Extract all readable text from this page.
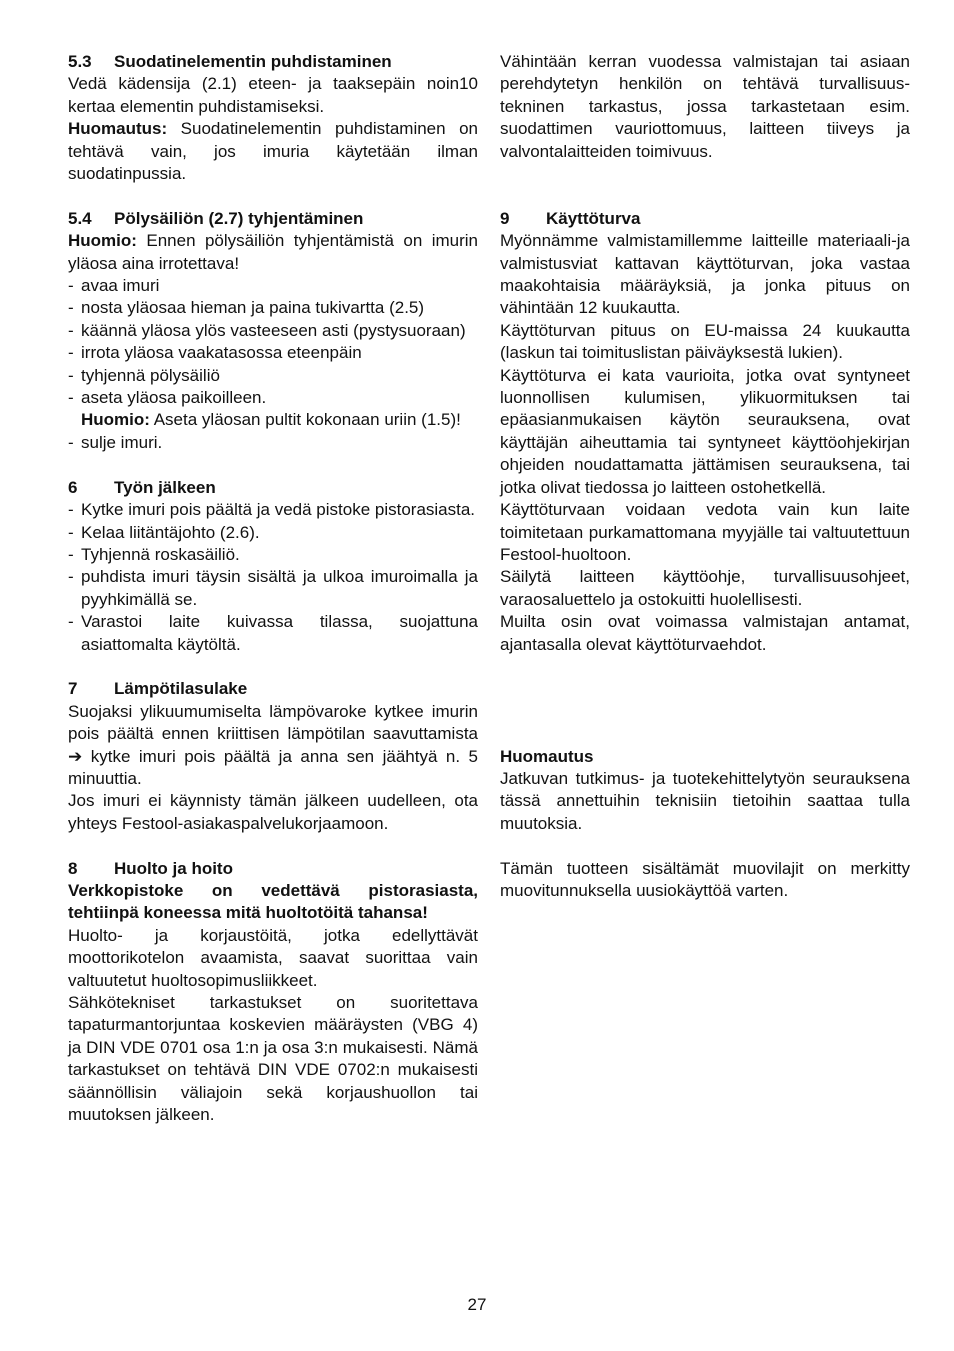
5.3	Suodatinelementin puhdistaminen

Vedä kädensija (2.1) eteen- ja taaksepäin noin10 kertaa elementin puhdistamiseksi.

Huomautus: Suodatinelementin puhdistaminen on tehtävä vain, jos imuria käytetään ilman suodatinpussia.

5.4	Pölysäiliön (2.7) tyhjentäminen

Huomio: Ennen pölysäiliön tyhjentämistä on imurin yläosa aina irrotettava!

- avaa imuri
- nosta yläosaa hieman ja paina tukivartta (2.5)
- käännä yläosa ylös vasteeseen asti (pystysuoraan)
- irrota yläosa vaakatasossa eteenpäin
- tyhjennä pölysäiliö
- aseta yläosa paikoilleen.

Huomio: Aseta yläosan pultit kokonaan uriin (1.5)!

- sulje imuri.
6	Työn jälkeen
- Kytke imuri pois päältä ja vedä pistoke pistorasiasta.
- Kelaa liitäntäjohto (2.6).
- Tyhjennä roskasäiliö.
- puhdista imuri täysin sisältä ja ulkoa imuroimalla ja pyyhkimällä se.
- Varastoi laite kuivassa tilassa, suojattuna asiattomalta käytöltä.
7	Lämpötilasulake

Suojaksi ylikuumumiselta lämpövaroke kytkee imurin pois päältä ennen kriittisen lämpötilan saavuttamista ➔ kytke imuri pois päältä ja anna sen jäähtyä n. 5 minuuttia.

Jos imuri ei käynnisty tämän jälkeen uudelleen, ota yhteys Festool-asiakaspalvelukorjaamoon.

8	Huolto ja hoito

Verkkopistoke on vedettävä pistorasiasta, tehtiinpä koneessa mitä huoltotöitä tahansa!

Huolto- ja korjaustöitä, jotka edellyttävät moottorikotelon avaamista, saavat suorittaa vain valtuutetut huoltosopimusliikkeet.

Sähkötekniset tarkastukset on suoritettava tapaturmantorjuntaa koskevien määräysten (VBG 4) ja DIN VDE 0701 osa 1:n ja osa 3:n mukaisesti. Nämä tarkastukset on tehtävä DIN VDE 0702:n mukaisesti säännöllisin väliajoin sekä korjaushuollon tai muutoksen jälkeen.

Vähintään kerran vuodessa valmistajan tai asiaan perehdytetyn henkilön on tehtävä turvallisuus-tekninen tarkastus, jossa tarkastetaan esim. suodattimen vauriottomuus, laitteen tiiveys ja valvontalaitteiden toimivuus.

9	Käyttöturva

Myönnämme valmistamillemme laitteille materiaali-ja valmistusviat kattavan käyttöturvan, joka vastaa maakohtaisia määräyksiä, ja jonka pituus on vähintään 12 kuukautta.

Käyttöturvan pituus on EU-maissa 24 kuukautta (laskun tai toimituslistan päiväyksestä lukien).

Käyttöturva ei kata vaurioita, jotka ovat syntyneet luonnollisen kulumisen, ylikuormituksen tai epäasianmukaisen käytön seurauksena, ovat käyttäjän aiheuttamia tai syntyneet käyttöohjekirjan ohjeiden noudattamatta jättämisen seurauksena, tai jotka olivat tiedossa jo laitteen ostohetkellä.

Käyttöturvaan voidaan vedota vain kun laite toimitetaan purkamattomana myyjälle tai valtuutettuun Festool-huoltoon.

Säilytä laitteen käyttöohje, turvallisuusohjeet, varaosaluettelo ja ostokuitti huolellisesti.

Muilta osin ovat voimassa valmistajan antamat, ajantasalla olevat käyttöturvaehdot.

Huomautus

Jatkuvan tutkimus- ja tuotekehittelytyön seurauksena tässä annettuihin teknisiin tietoihin saattaa tulla muutoksia.

Tämän tuotteen sisältämät muovilajit on merkitty muovitunnuksella uusiokäyttöä varten.

27
